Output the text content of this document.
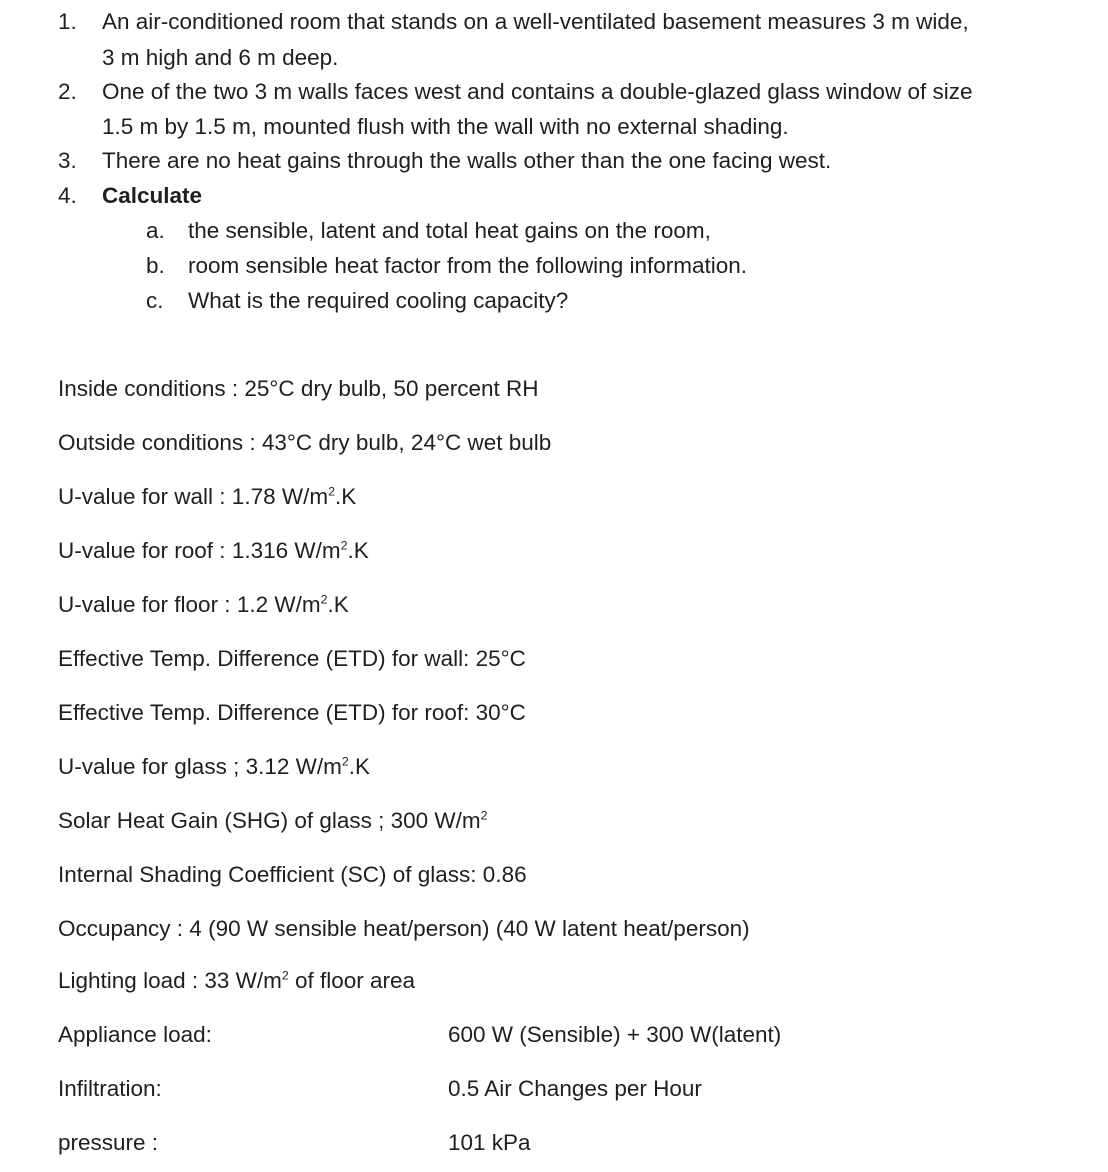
1. An air-conditioned room that stands on a well-ventilated basement measures 3 m wide,
3 m high and 6 m deep.
2. One of the two 3 m walls faces west and contains a double-glazed glass window of size
1.5 m by 1.5 m, mounted flush with the wall with no external shading.
3. There are no heat gains through the walls other than the one facing west.
4. Calculate
a. the sensible, latent and total heat gains on the room,
b. room sensible heat factor from the following information.
c. What is the required cooling capacity?
Inside conditions : 25°C dry bulb, 50 percent RH
Outside conditions : 43°C dry bulb, 24°C wet bulb
U-value for wall : 1.78 $W/m^2.K$
U-value for roof : 1.316 $W/m^2.K$
U-value for floor : 1.2 $W/m^2.K$
Effective Temp. Difference (ETD) for wall: 25°C
Effective Temp. Difference (ETD) for roof: 30°C
U-value for glass ; 3.12 $W/m^2.K$
Solar Heat Gain (SHG) of glass ; 300 $W/m^2$
Internal Shading Coefficient (SC) of glass: 0.86
Occupancy : 4 (90 W sensible heat/person) (40 W latent heat/person)
Lighting load : 33 $W/m^2$ of floor area
Appliance load:	600 W (Sensible) + 300 W(latent)
Infiltration:	0.5 Air Changes per Hour
pressure :	101 kPa
